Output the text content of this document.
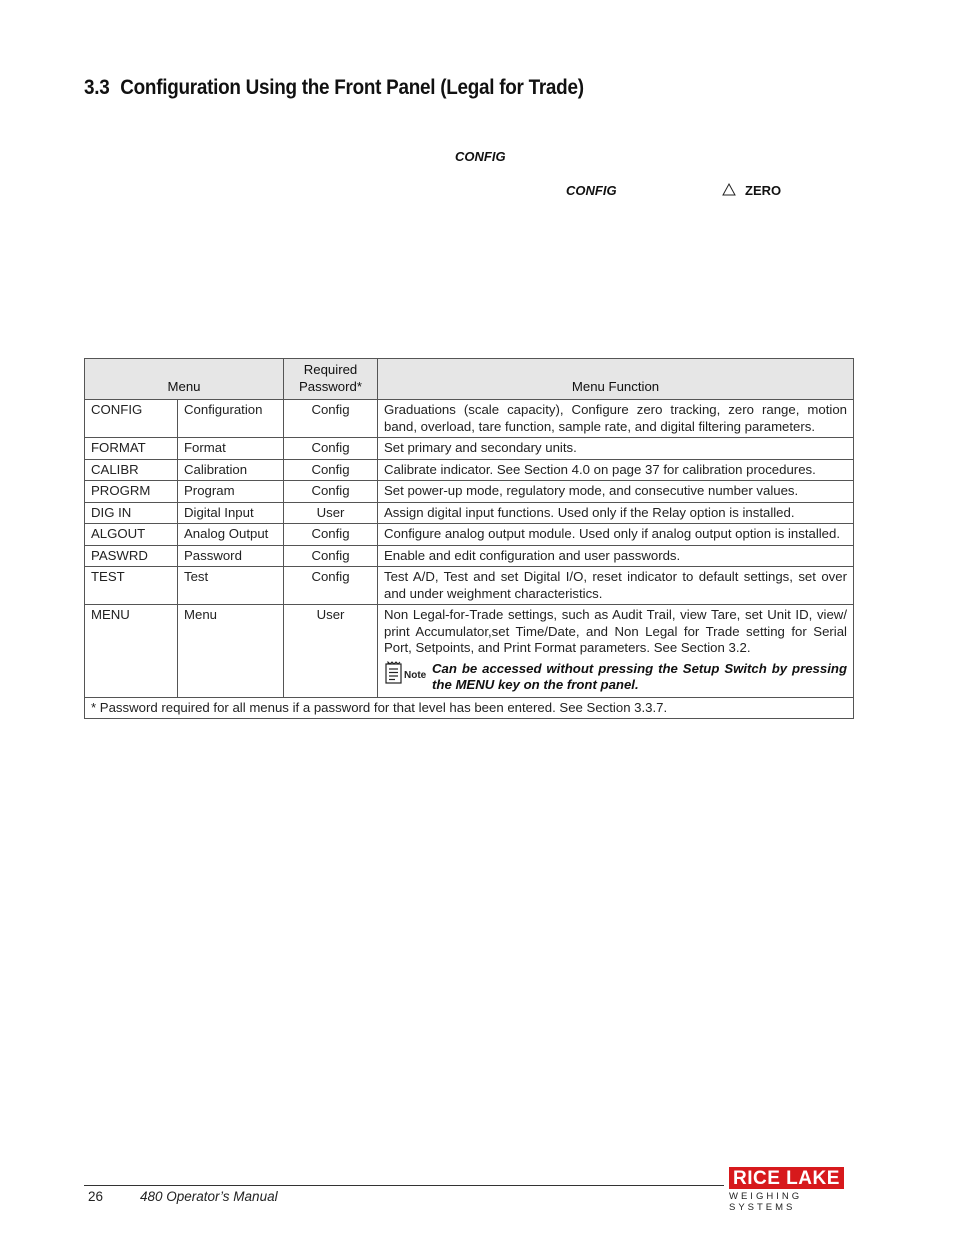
3.3 Configuration Using the Front Panel (Legal for Trade)
CONFIG
CONFIG	ZERO
Menu		Required Password*	Menu Function
CONFIG	Configuration	Config	Graduations (scale capacity), Configure zero tracking, zero range, motion band, overload, tare function, sample rate, and digital filtering parameters.
FORMAT	Format	Config	Set primary and secondary units.
CALIBR	Calibration	Config	Calibrate indicator. See Section 4.0 on page 37 for calibration procedures.
PROGRM	Program	Config	Set power-up mode, regulatory mode, and consecutive number values.
DIG IN	Digital Input	User	Assign digital input functions. Used only if the Relay option is installed.
ALGOUT	Analog Output	Config	Configure analog output module. Used only if analog output option is installed.
PASWRD	Password	Config	Enable and edit configuration and user passwords.
TEST	Test	Config	Test A/D, Test and set Digital I/O, reset indicator to default settings, set over and under weighment characteristics.
MENU	Menu	User	Non Legal-for-Trade settings, such as Audit Trail, view Tare, set Unit ID, view/ print Accumulator,set Time/Date, and Non Legal for Trade setting for Serial Port, Setpoints, and Print Format parameters. See Section 3.2.
Note Can be accessed without pressing the Setup Switch by pressing the MENU key on the front panel.

* Password required for all menus if a password for that level has been entered. See Section 3.3.7.			
26	480 Operator’s Manual
RICE LAKE
WEIGHING SYSTEMS
